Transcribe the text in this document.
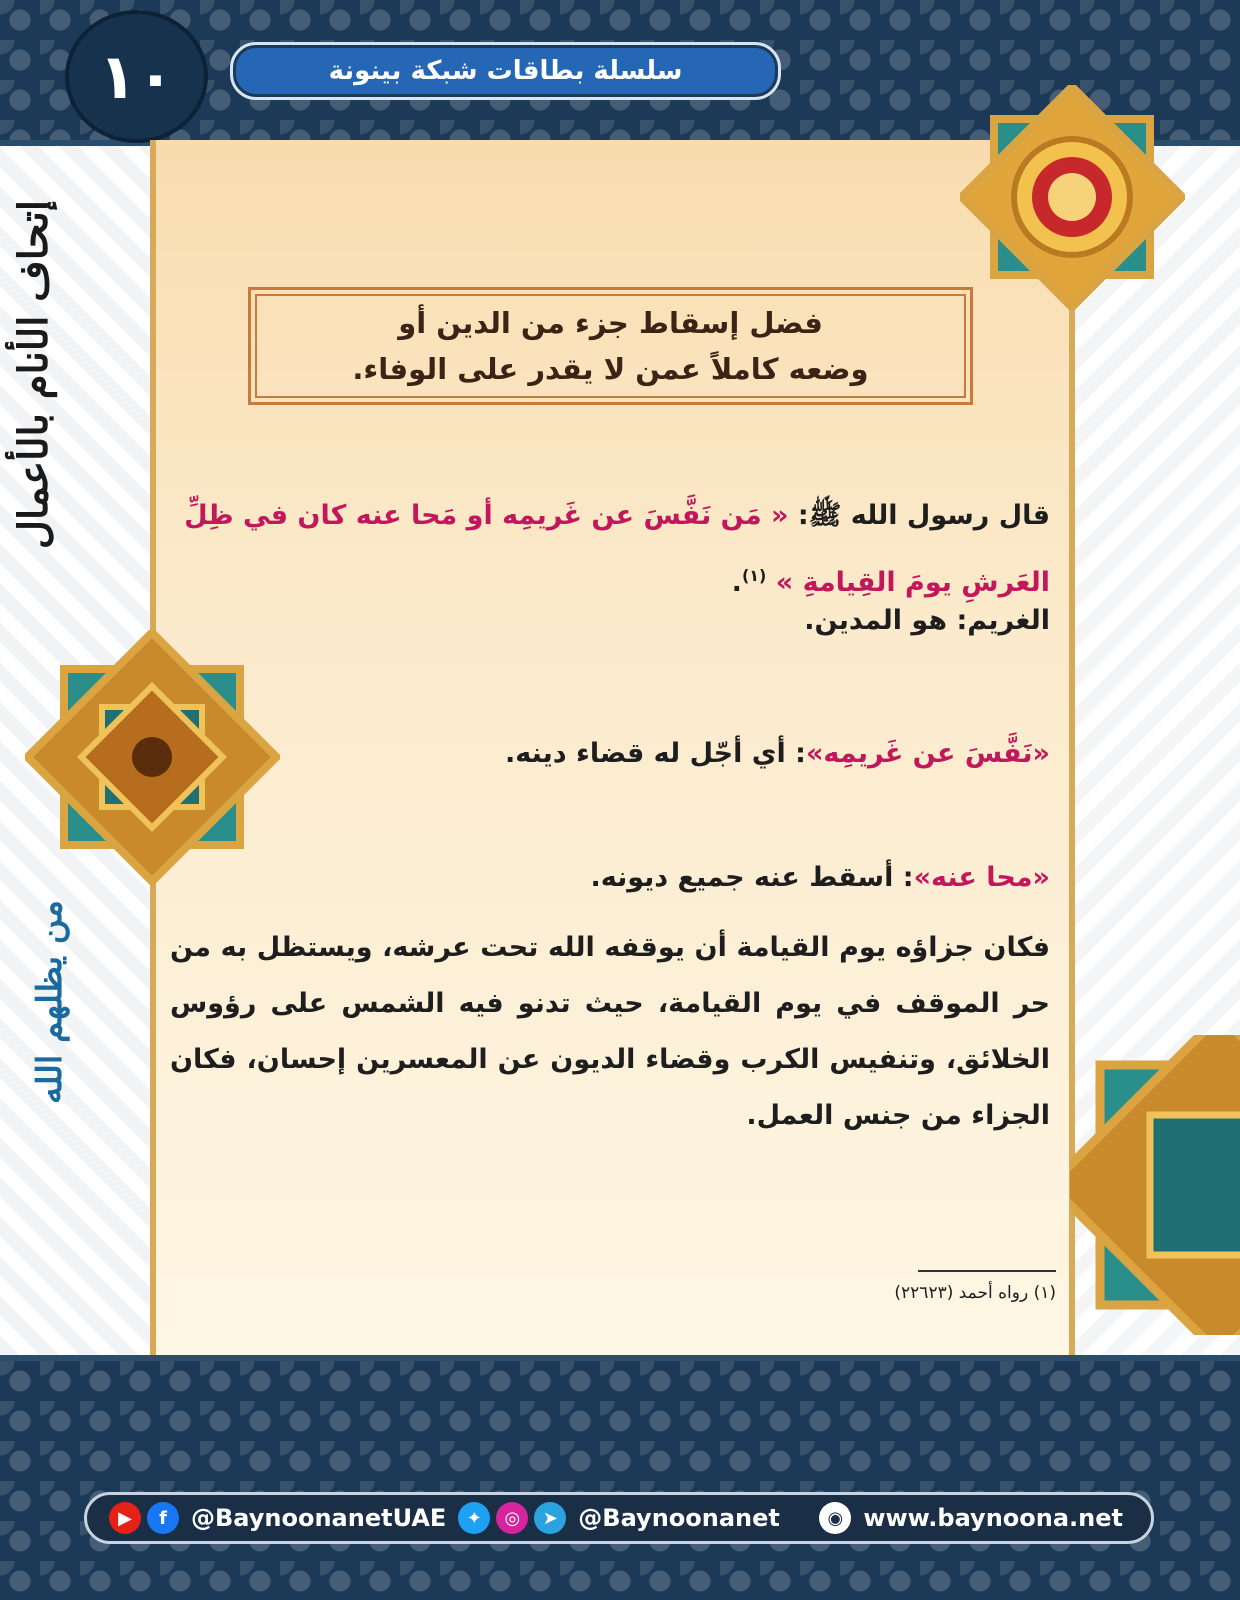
١٠	سلسلة بطاقات شبكة بينونة
إتحاف الأنام بالأعمال
من يظلهم الله
فضل إسقاط جزء من الدين أو
وضعه كاملاً عمن لا يقدر على الوفاء.
قال رسول الله ﷺ: « مَن نَفَّسَ عن غَريمِه أو مَحا عنه كان في ظِلِّ العَرشِ يومَ القِيامةِ » $^{(١)}$.
الغريم: هو المدين.
«نَفَّسَ عن غَريمِه»: أي أجّل له قضاء دينه.
«محا عنه»: أسقط عنه جميع ديونه.
فكان جزاؤه يوم القيامة أن يوقفه الله تحت عرشه، ويستظل به من حر الموقف في يوم القيامة، حيث تدنو فيه الشمس على رؤوس الخلائق، وتنفيس الكرب وقضاء الديون عن المعسرين إحسان، فكان الجزاء من جنس العمل.
(١) رواه أحمد (٢٢٦٢٣)
▶	f	@BaynoonanetUAE	✦	◎	➤ @Baynoonanet	◉ www.baynoona.net
